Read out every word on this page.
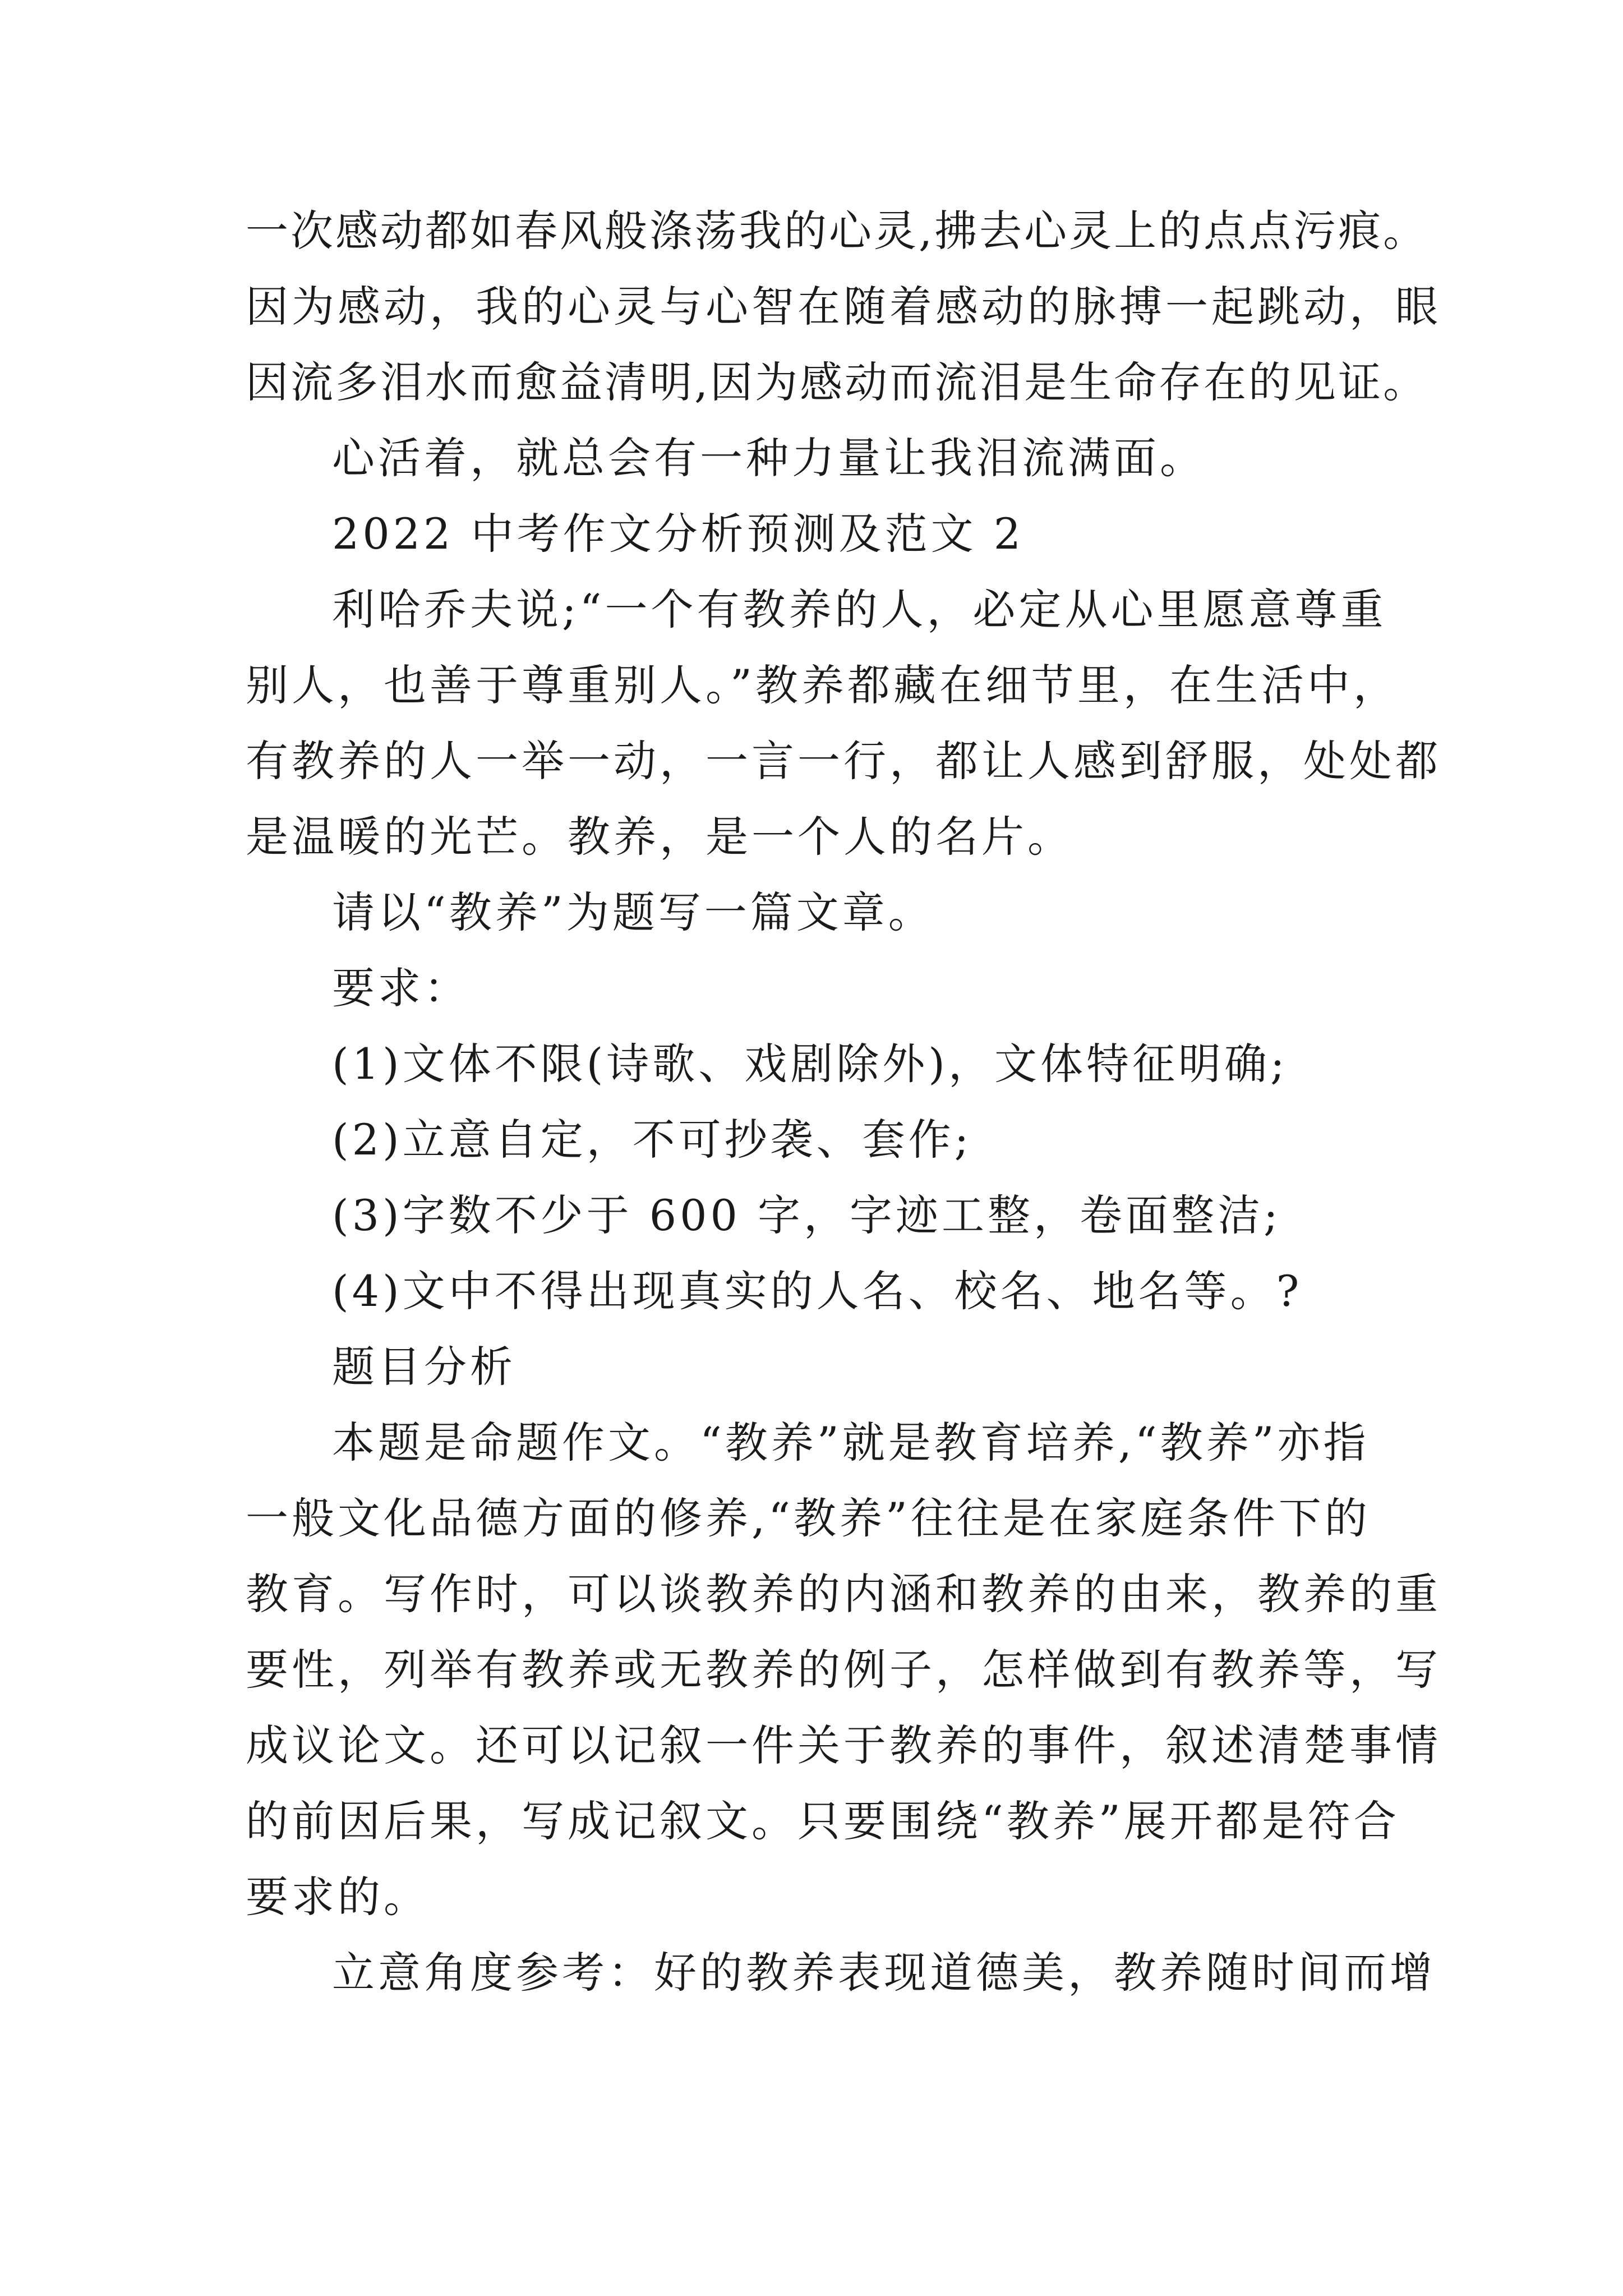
一次感动都如春风般涤荡我的心灵,拂去心灵上的点点污痕。
因为感动，我的心灵与心智在随着感动的脉搏一起跳动，眼
因流多泪水而愈益清明,因为感动而流泪是生命存在的见证。
心活着，就总会有一种力量让我泪流满面。
2022 中考作文分析预测及范文 2
利哈乔夫说;“一个有教养的人，必定从心里愿意尊重
别人，也善于尊重别人。”教养都藏在细节里，在生活中，
有教养的人一举一动，一言一行，都让人感到舒服，处处都
是温暖的光芒。教养，是一个人的名片。
请以“教养”为题写一篇文章。
要求：
(1)文体不限(诗歌、戏剧除外)，文体特征明确;
(2)立意自定，不可抄袭、套作;
(3)字数不少于 600 字，字迹工整，卷面整洁;
(4)文中不得出现真实的人名、校名、地名等。?
题目分析
本题是命题作文。“教养”就是教育培养,“教养”亦指
一般文化品德方面的修养,“教养”往往是在家庭条件下的
教育。写作时，可以谈教养的内涵和教养的由来，教养的重
要性，列举有教养或无教养的例子，怎样做到有教养等，写
成议论文。还可以记叙一件关于教养的事件，叙述清楚事情
的前因后果，写成记叙文。只要围绕“教养”展开都是符合
要求的。
立意角度参考：好的教养表现道德美，教养随时间而增
